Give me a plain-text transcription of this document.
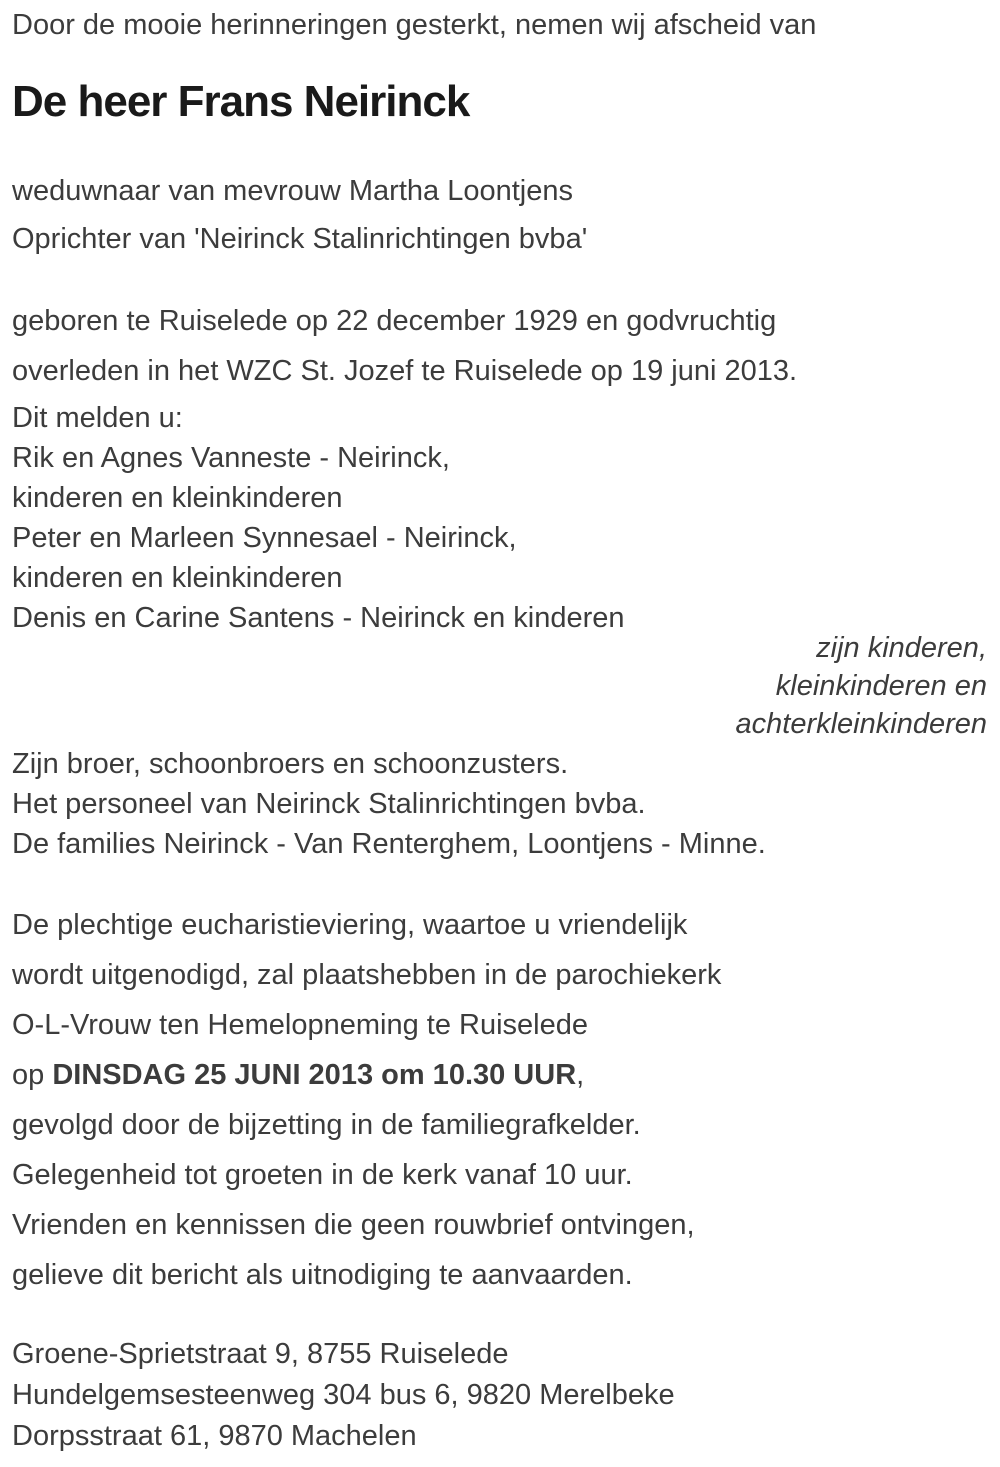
Door de mooie herinneringen gesterkt, nemen wij afscheid van

De heer Frans Neirinck

weduwnaar van mevrouw Martha Loontjens

Oprichter van 'Neirinck Stalinrichtingen bvba'

geboren te Ruiselede op 22 december 1929 en godvruchtig

overleden in het WZC St. Jozef te Ruiselede op 19 juni 2013.

Dit melden u:

Rik en Agnes Vanneste - Neirinck,

kinderen en kleinkinderen

Peter en Marleen Synnesael - Neirinck,

kinderen en kleinkinderen

Denis en Carine Santens - Neirinck en kinderen

zijn kinderen,

kleinkinderen en

achterkleinkinderen

Zijn broer, schoonbroers en schoonzusters.

Het personeel van Neirinck Stalinrichtingen bvba.

De families Neirinck - Van Renterghem, Loontjens - Minne.

De plechtige eucharistieviering, waartoe u vriendelijk

wordt uitgenodigd, zal plaatshebben in de parochiekerk

O-L-Vrouw ten Hemelopneming te Ruiselede

op DINSDAG 25 JUNI 2013 om 10.30 UUR,

gevolgd door de bijzetting in de familiegrafkelder.

Gelegenheid tot groeten in de kerk vanaf 10 uur.

Vrienden en kennissen die geen rouwbrief ontvingen,

gelieve dit bericht als uitnodiging te aanvaarden.

Groene-Sprietstraat 9, 8755 Ruiselede

Hundelgemsesteenweg 304 bus 6, 9820 Merelbeke

Dorpsstraat 61, 9870 Machelen
